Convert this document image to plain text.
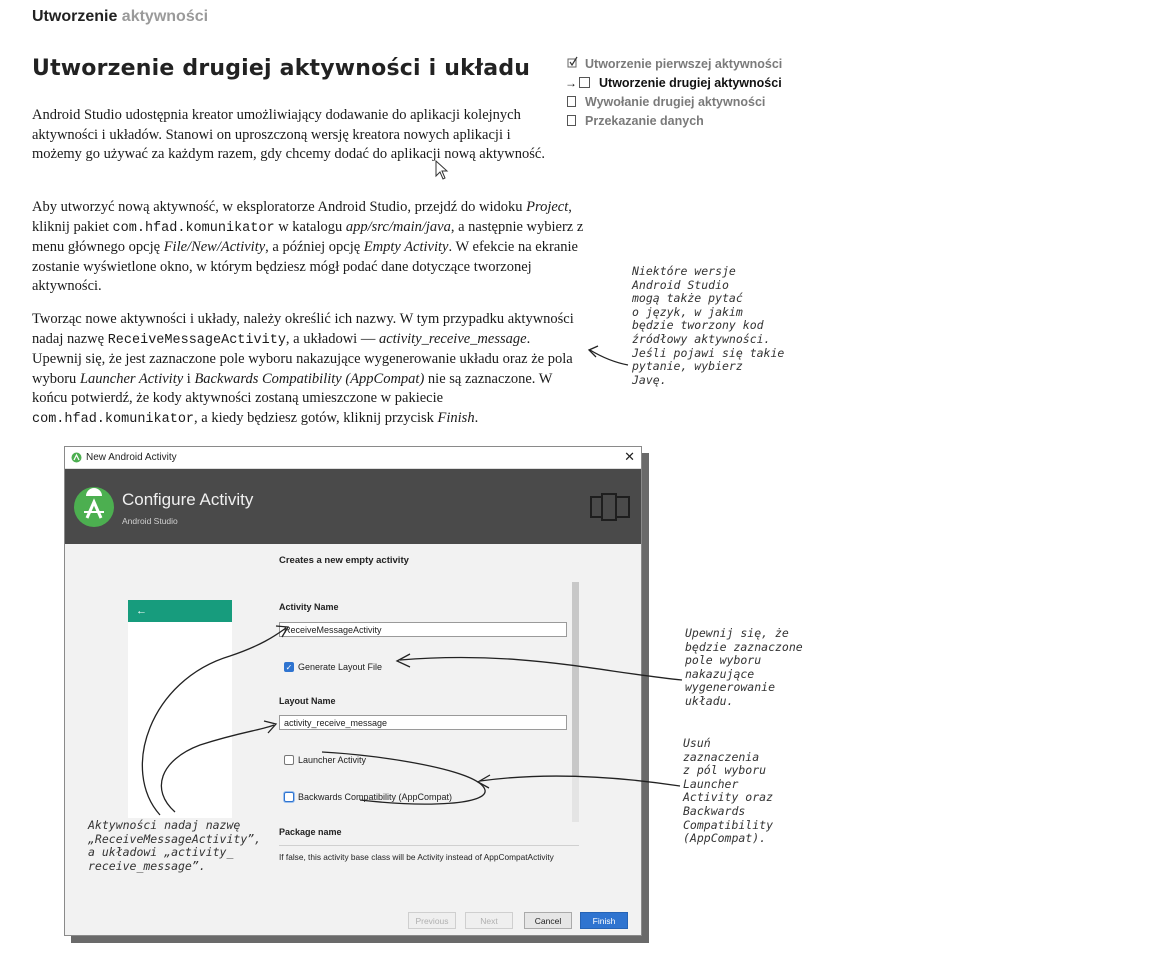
Utworzenie aktywności
Utworzenie drugiej aktywności i układu	Utworzenie pierwszej aktywności
→	Utworzenie drugiej aktywności
Wywołanie drugiej aktywności
Przekazanie danych

Android Studio udostępnia kreator umożliwiający dodawanie do aplikacji kolejnych aktywności i układów. Stanowi on uproszczoną wersję kreatora nowych aplikacji i możemy go używać za każdym razem, gdy chcemy dodać do aplikacji nową aktywność.

Aby utworzyć nową aktywność, w eksploratorze Android Studio, przejdź do widoku Project, kliknij pakiet com.hfad.komunikator w katalogu app/src/main/java, a następnie wybierz z menu głównego opcję File/New/Activity, a później opcję Empty Activity. W efekcie na ekranie zostanie wyświetlone okno, w którym będziesz mógł podać dane dotyczące tworzonej aktywności.

Tworząc nowe aktywności i układy, należy określić ich nazwy. W tym przypadku aktywności nadaj nazwę ReceiveMessageActivity, a układowi — activity_receive_message. Upewnij się, że jest zaznaczone pole wyboru nakazujące wygenerowanie układu oraz że pola wyboru Launcher Activity i Backwards Compatibility (AppCompat) nie są zaznaczone. W końcu potwierdź, że kody aktywności zostaną umieszczone w pakiecie com.hfad.komunikator, a kiedy będziesz gotów, kliknij przycisk Finish.

Niektóre wersje
Android Studio
mogą także pytać
o język, w jakim
będzie tworzony kod
źródłowy aktywności.
Jeśli pojawi się takie
pytanie, wybierz
Javę.
New Android Activity	✕
Configure Activity
Android Studio
←
Creates a new empty activity
Activity Name
ReceiveMessageActivity
✓ Generate Layout File
Layout Name
activity_receive_message
Launcher Activity
Backwards Compatibility (AppCompat)
Package name
If false, this activity base class will be Activity instead of AppCompatActivity
Previous	Next	Cancel	Finish
Upewnij się, że
będzie zaznaczone
pole wyboru
nakazujące
wygenerowanie
układu.
Usuń
zaznaczenia
z pól wyboru
Launcher
Activity oraz
Backwards
Compatibility
(AppCompat).
Aktywności nadaj nazwę
„ReceiveMessageActivity”,
a układowi „activity_
receive_message”.
